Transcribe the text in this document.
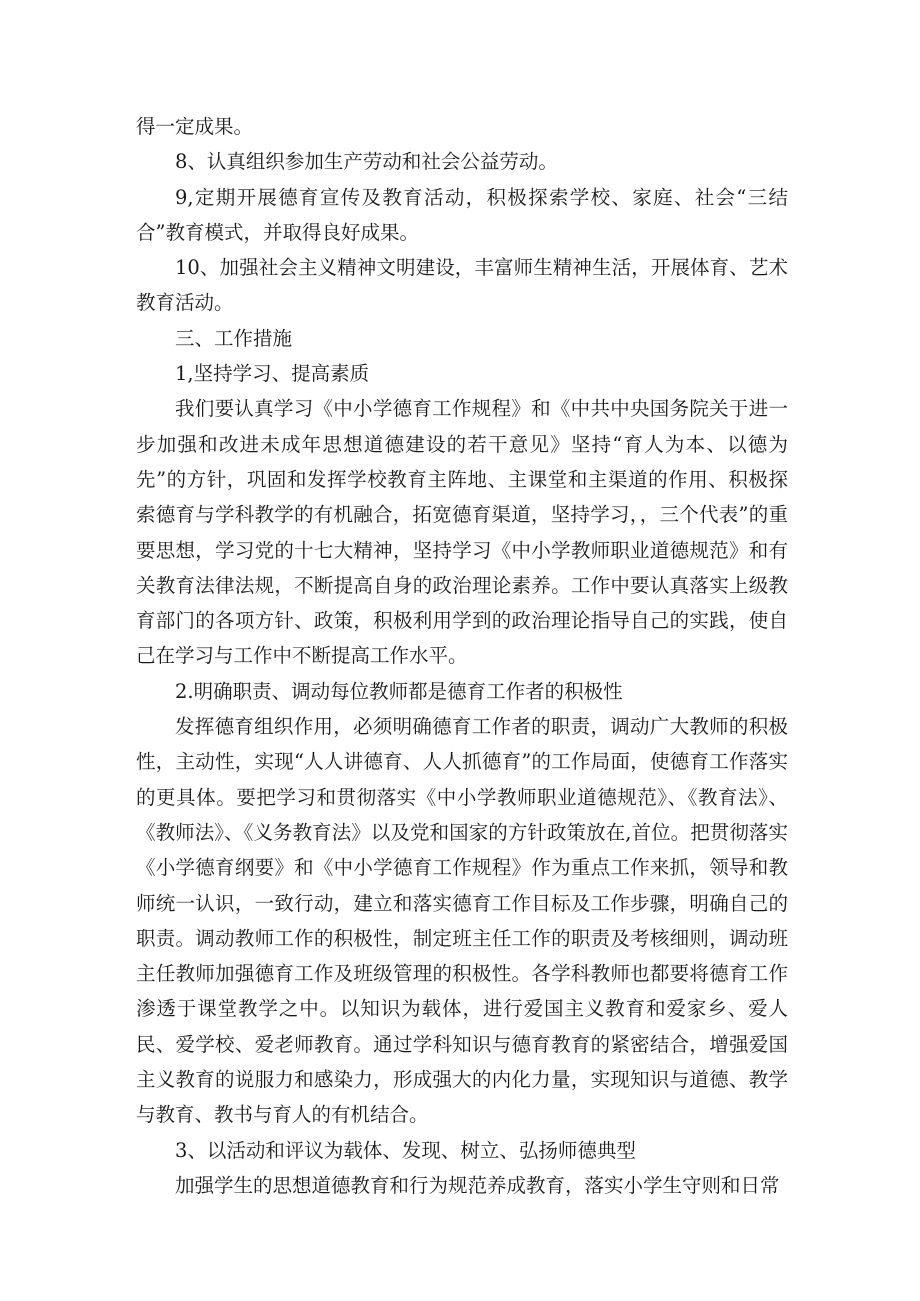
得一定成果。

8、认真组织参加生产劳动和社会公益劳动。

9,定期开展德育宣传及教育活动，积极探索学校、家庭、社会“三结合”教育模式，并取得良好成果。

10、加强社会主义精神文明建设，丰富师生精神生活，开展体育、艺术教育活动。

三、工作措施

1,坚持学习、提高素质

我们要认真学习《中小学德育工作规程》和《中共中央国务院关于进一步加强和改进未成年思想道德建设的若干意见》坚持“育人为本、以德为先”的方针，巩固和发挥学校教育主阵地、主课堂和主渠道的作用、积极探索德育与学科教学的有机融合，拓宽德育渠道，坚持学习，，三个代表”的重要思想，学习党的十七大精神，坚持学习《中小学教师职业道德规范》和有关教育法律法规，不断提高自身的政治理论素养。工作中要认真落实上级教育部门的各项方针、政策，积极利用学到的政治理论指导自己的实践，使自己在学习与工作中不断提高工作水平。

2.明确职责、调动每位教师都是德育工作者的积极性

发挥德育组织作用，必须明确德育工作者的职责，调动广大教师的积极性，主动性，实现“人人讲德育、人人抓德育”的工作局面，使德育工作落实的更具体。要把学习和贯彻落实《中小学教师职业道德规范》、《教育法》、《教师法》、《义务教育法》以及党和国家的方针政策放在,首位。把贯彻落实《小学德育纲要》和《中小学德育工作规程》作为重点工作来抓，领导和教师统一认识，一致行动，建立和落实德育工作目标及工作步骤，明确自己的职责。调动教师工作的积极性，制定班主任工作的职责及考核细则，调动班主任教师加强德育工作及班级管理的积极性。各学科教师也都要将德育工作渗透于课堂教学之中。以知识为载体，进行爱国主义教育和爱家乡、爱人民、爱学校、爱老师教育。通过学科知识与德育教育的紧密结合，增强爱国主义教育的说服力和感染力，形成强大的内化力量，实现知识与道德、教学与教育、教书与育人的有机结合。

3、以活动和评议为载体、发现、树立、弘扬师德典型

加强学生的思想道德教育和行为规范养成教育，落实小学生守则和日常
